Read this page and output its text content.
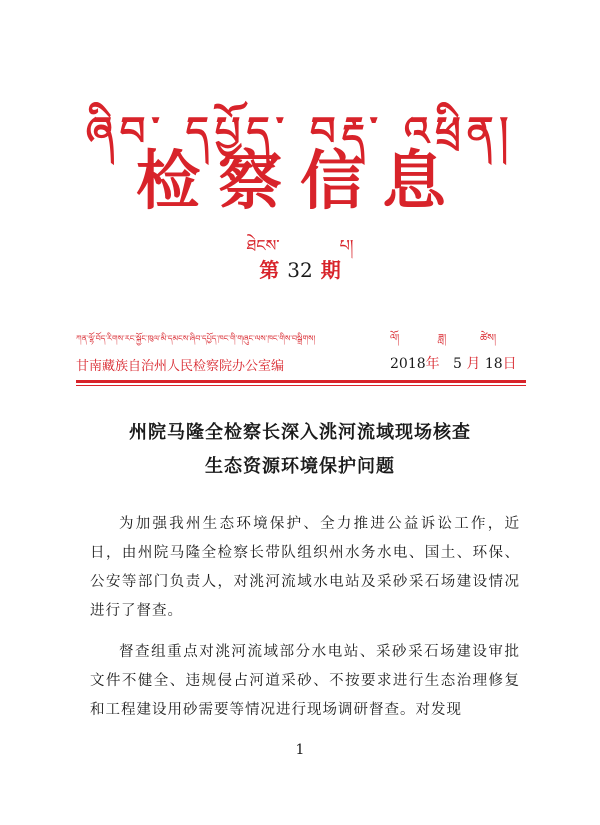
ཞིབ་ དཔྱོད་ བརྡ་ འཕྲིན།
检察信息
ཐེངས་	པ།
第 32 期
ཀན་ལྷོ་བོད་རིགས་རང་སྐྱོང་ཁུལ་མི་དམངས་ཞིབ་དཔྱོད་ཁང་གི་གཞུང་ལས་ཁང་གིས་བསྒྲིགས།	ལོ།	ཟླ།	ཚེས།
甘南藏族自治州人民检察院办公室编	2018年 5 月 18日
州院马隆全检察长深入洮河流域现场核查
生态资源环境保护问题
为加强我州生态环境保护、全力推进公益诉讼工作，近日，由州院马隆全检察长带队组织州水务水电、国土、环保、公安等部门负责人，对洮河流域水电站及采砂采石场建设情况进行了督查。
督查组重点对洮河流域部分水电站、采砂采石场建设审批文件不健全、违规侵占河道采砂、不按要求进行生态治理修复和工程建设用砂需要等情况进行现场调研督查。对发现
1
